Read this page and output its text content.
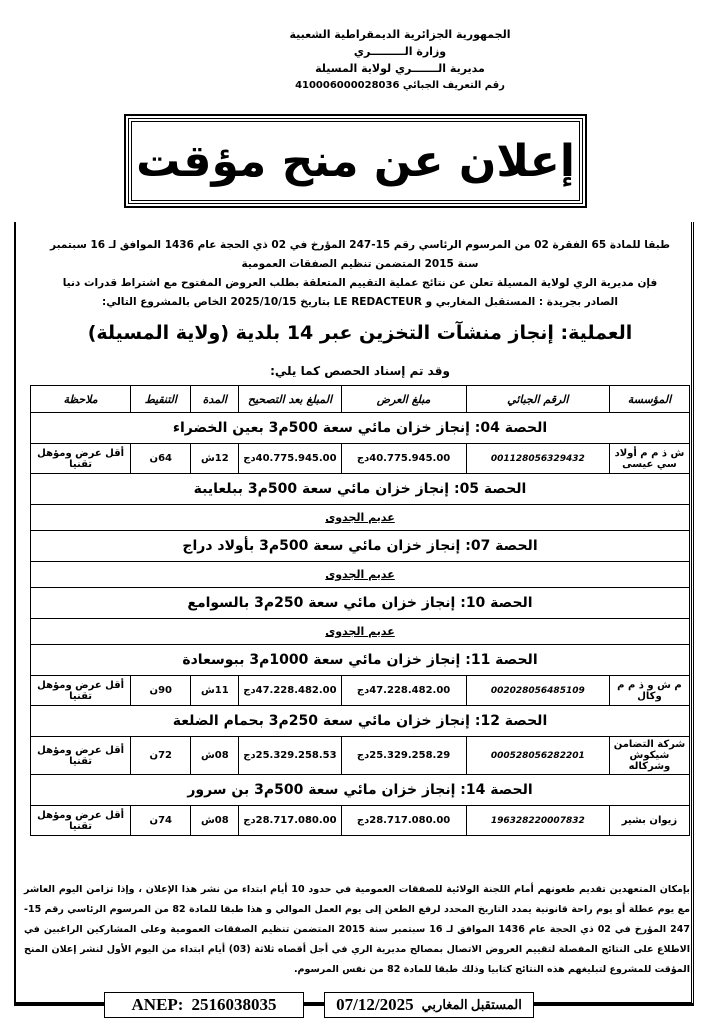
الجمهورية الجزائرية الديمقراطية الشعبية
وزارة الـــــــــري
مديرية الـــــــري لولاية المسيلة
رقم التعريف الجبائي 410006000028036
إعلان عن منح مؤقت
طبقا للمادة 65 الفقرة 02 من المرسوم الرئاسي رقم 15-247 المؤرخ في 02 ذي الحجة عام 1436 الموافق لـ 16 سبتمبر
سنة 2015 المتضمن تنظيم الصفقات العمومية
فإن مديرية الري لولاية المسيلة تعلن عن نتائج عملية التقييم المتعلقة بطلب العروض المفتوح مع اشتراط قدرات دنيا
الصادر بجريدة : المستقبل المغاربي و LE REDACTEUR بتاريخ 2025/10/15 الخاص بالمشروع التالي:
العملية: إنجاز منشآت التخزين عبر 14 بلدية (ولاية المسيلة)
وقد تم إسناد الحصص كما يلي:
المؤسسة	الرقم الجبائي	مبلغ العرض	المبلغ بعد التصحيح	المدة	التنقيط	ملاحظة
الحصة 04: إنجاز خزان مائي سعة 500م3 بعين الخضراء						
ش ذ م م أولاد سي عيسى	001128056329432	40.775.945.00دج	40.775.945.00دج	12ش	64ن	أقل عرض ومؤهل تقنيا
الحصة 05: إنجاز خزان مائي سعة 500م3 ببلعايبة						
عديم الجدوى						
الحصة 07: إنجاز خزان مائي سعة 500م3 بأولاد دراج						
عديم الجدوى						
الحصة 10: إنجاز خزان مائي سعة 250م3 بالسوامع						
عديم الجدوى						
الحصة 11: إنجاز خزان مائي سعة 1000م3 ببوسعادة						
م ش و ذ م م وكال	002028056485109	47.228.482.00دج	47.228.482.00دج	11ش	90ن	أقل عرض ومؤهل تقنيا
الحصة 12: إنجاز خزان مائي سعة 250م3 بحمام الضلعة						
شركة التضامن شيكوش وشركاله	000528056282201	25.329.258.29دج	25.329.258.53دج	08ش	72ن	أقل عرض ومؤهل تقنيا
الحصة 14: إنجاز خزان مائي سعة 500م3 بن سرور						
زيوان بشير	196328220007832	28.717.080.00دج	28.717.080.00دج	08ش	74ن	أقل عرض ومؤهل تقنيا
بإمكان المتعهدين تقديم طعونهم أمام اللجنة الولائية للصفقات العمومية في حدود 10 أيام ابتداء من نشر هذا الإعلان ، وإذا تزامن اليوم العاشر مع يوم عطلة أو يوم راحة قانونية يمدد التاريخ المحدد لرفع الطعن إلى يوم العمل الموالي و هذا طبقا للمادة 82 من المرسوم الرئاسي رقم 15-247 المؤرخ في 02 ذي الحجة عام 1436 الموافق لـ 16 سبتمبر سنة 2015 المتضمن تنظيم الصفقات العمومية وعلى المشاركين الراغبين في الاطلاع على النتائج المفصلة لتقييم العروض الاتصال بمصالح مديرية الري في أجل أقصاه ثلاثة (03) أيام ابتداء من اليوم الأول لنشر إعلان المنح المؤقت للمشروع لتبليغهم هذه النتائج كتابيا وذلك طبقا للمادة 82 من نفس المرسوم.
ANEP: 2516038035	المستقبل المغاربي
07/12/2025
